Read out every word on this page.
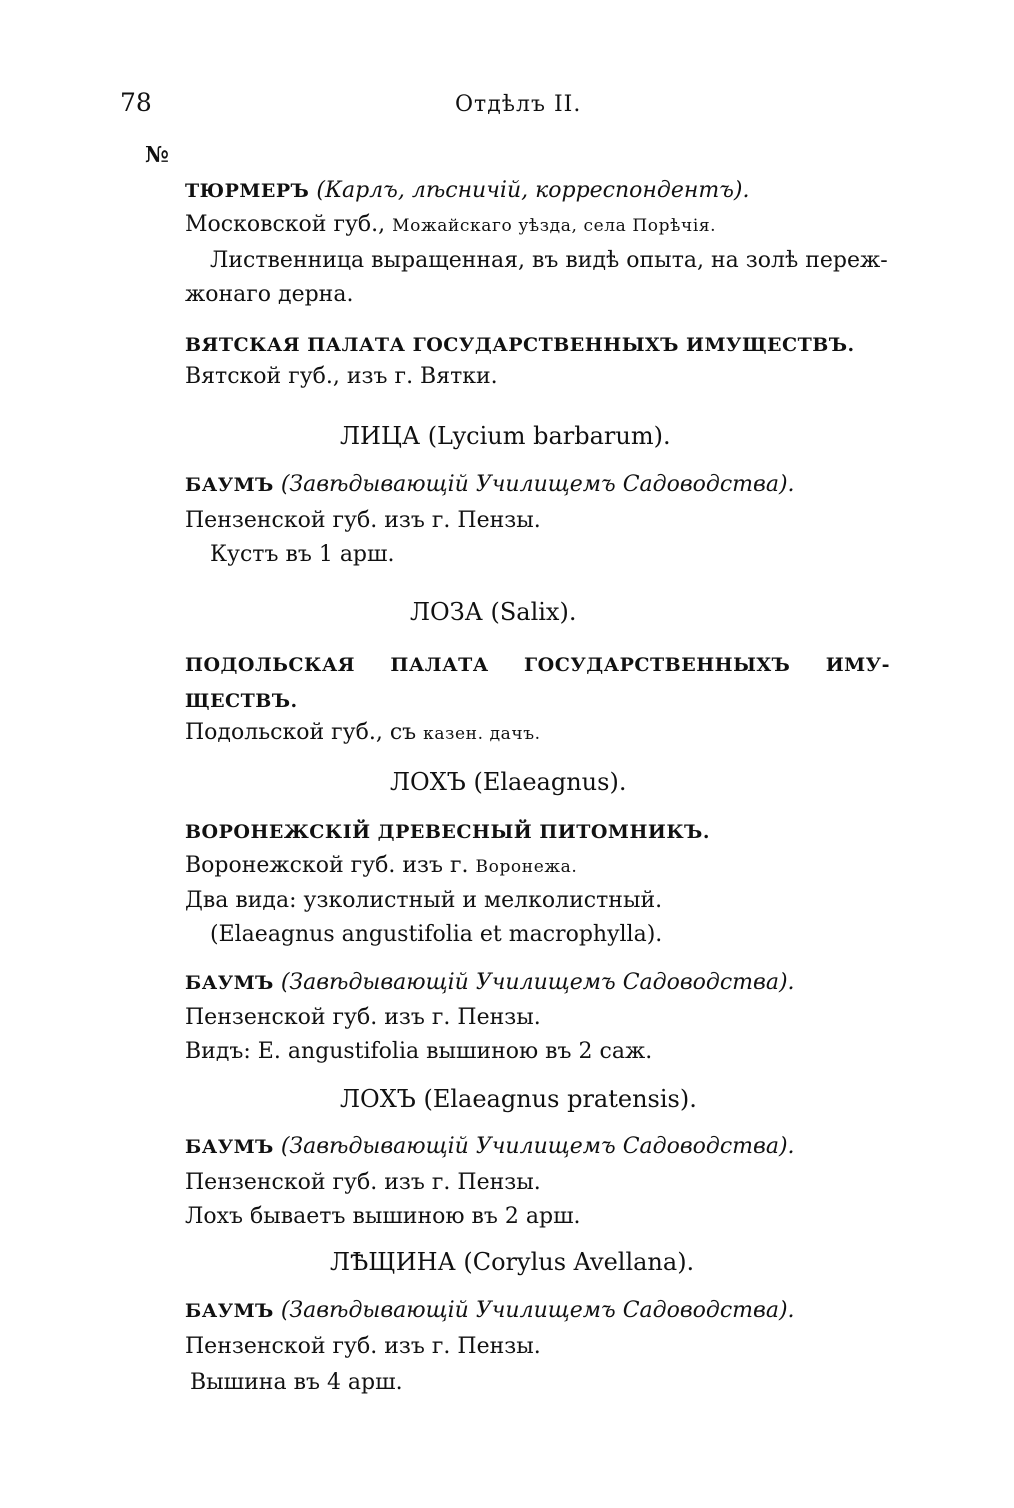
78	Отдѣлъ II.
№
ТЮРМЕРЪ (Карлъ, лѣсничій, корреспондентъ).
Московской губ., Можайскаго уѣзда, села Порѣчія.
Лиственница выращенная, въ видѣ опыта, на золѣ перeж-
жонаго дерна.
ВЯТСКАЯ ПАЛАТА ГОСУДАРСТВЕННЫХЪ ИМУЩЕСТВЪ.
Вятской губ., изъ г. Вятки.
ЛИЦА (Lycium barbarum).
БАУМЪ (Завѣдывающій Училищемъ Садоводства).
Пензенской губ. изъ г. Пензы.
Кустъ въ 1 арш.
ЛОЗА (Salix).
ПОДОЛЬСКАЯ ПАЛАТА ГОСУДАРСТВЕННЫХЪ ИМУ-
ЩЕСТВЪ.
Подольской губ., съ казен. дачъ.
ЛОХЪ (Elaeagnus).
ВОРОНЕЖСКІЙ ДРЕВЕСНЫЙ ПИТОМНИКЪ.
Воронежской губ. изъ г. Воронежа.
Два вида: узколистный и мелколистный.
(Elaeagnus angustifolia et macrophylla).
БАУМЪ (Завѣдывающій Училищемъ Садоводства).
Пензенской губ. изъ г. Пензы.
Видъ: E. angustifolia вышиною въ 2 саж.
ЛОХЪ (Elaeagnus pratensis).
БАУМЪ (Завѣдывающій Училищемъ Садоводства).
Пензенской губ. изъ г. Пензы.
Лохъ бываетъ вышиною въ 2 арш.
ЛѢЩИНА (Corylus Avellana).
БАУМЪ (Завѣдывающій Училищемъ Садоводства).
Пензенской губ. изъ г. Пензы.
Вышина въ 4 арш.
